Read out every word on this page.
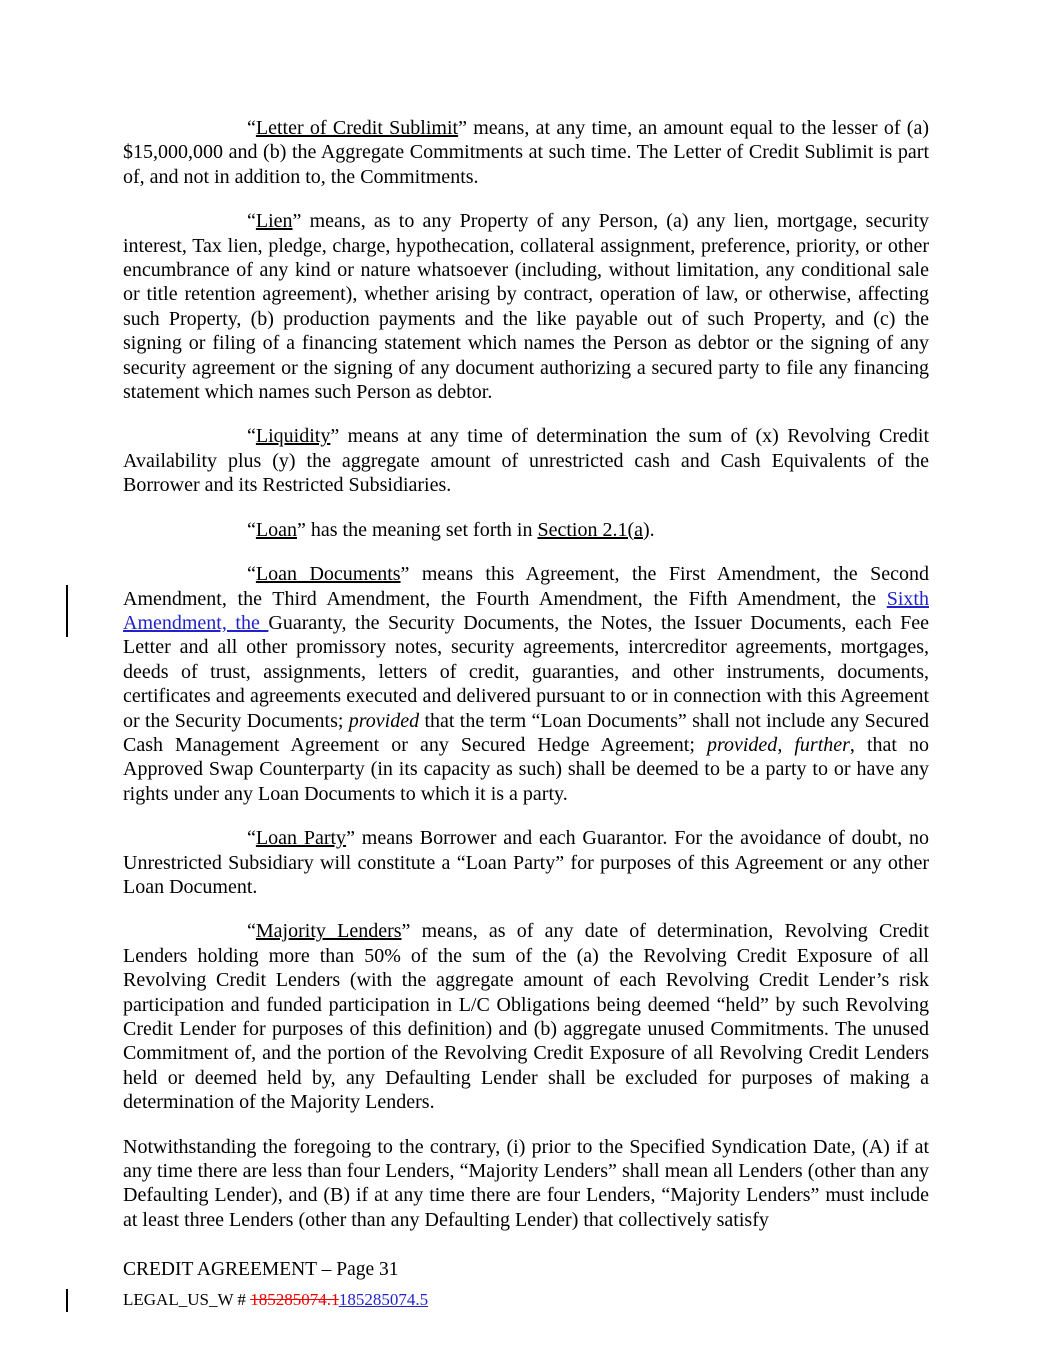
“Letter of Credit Sublimit” means, at any time, an amount equal to the lesser of (a) $15,000,000 and (b) the Aggregate Commitments at such time. The Letter of Credit Sublimit is part of, and not in addition to, the Commitments.

“Lien” means, as to any Property of any Person, (a) any lien, mortgage, security interest, Tax lien, pledge, charge, hypothecation, collateral assignment, preference, priority, or other encumbrance of any kind or nature whatsoever (including, without limitation, any conditional sale or title retention agreement), whether arising by contract, operation of law, or otherwise, affecting such Property, (b) production payments and the like payable out of such Property, and (c) the signing or filing of a financing statement which names the Person as debtor or the signing of any security agreement or the signing of any document authorizing a secured party to file any financing statement which names such Person as debtor.

“Liquidity” means at any time of determination the sum of (x) Revolving Credit Availability plus (y) the aggregate amount of unrestricted cash and Cash Equivalents of the Borrower and its Restricted Subsidiaries.

“Loan” has the meaning set forth in Section 2.1(a).

“Loan Documents” means this Agreement, the First Amendment, the Second Amendment, the Third Amendment, the Fourth Amendment, the Fifth Amendment, the Sixth Amendment, the Guaranty, the Security Documents, the Notes, the Issuer Documents, each Fee Letter and all other promissory notes, security agreements, intercreditor agreements, mortgages, deeds of trust, assignments, letters of credit, guaranties, and other instruments, documents, certificates and agreements executed and delivered pursuant to or in connection with this Agreement or the Security Documents; provided that the term “Loan Documents” shall not include any Secured Cash Management Agreement or any Secured Hedge Agreement; provided, further, that no Approved Swap Counterparty (in its capacity as such) shall be deemed to be a party to or have any rights under any Loan Documents to which it is a party.

“Loan Party” means Borrower and each Guarantor. For the avoidance of doubt, no Unrestricted Subsidiary will constitute a “Loan Party” for purposes of this Agreement or any other Loan Document.

“Majority Lenders” means, as of any date of determination, Revolving Credit Lenders holding more than 50% of the sum of the (a) the Revolving Credit Exposure of all Revolving Credit Lenders (with the aggregate amount of each Revolving Credit Lender’s risk participation and funded participation in L/C Obligations being deemed “held” by such Revolving Credit Lender for purposes of this definition) and (b) aggregate unused Commitments. The unused Commitment of, and the portion of the Revolving Credit Exposure of all Revolving Credit Lenders held or deemed held by, any Defaulting Lender shall be excluded for purposes of making a determination of the Majority Lenders.

Notwithstanding the foregoing to the contrary, (i) prior to the Specified Syndication Date, (A) if at any time there are less than four Lenders, “Majority Lenders” shall mean all Lenders (other than any Defaulting Lender), and (B) if at any time there are four Lenders, “Majority Lenders” must include at least three Lenders (other than any Defaulting Lender) that collectively satisfy

CREDIT AGREEMENT – Page 31

LEGAL_US_W # 185285074.1185285074.5
